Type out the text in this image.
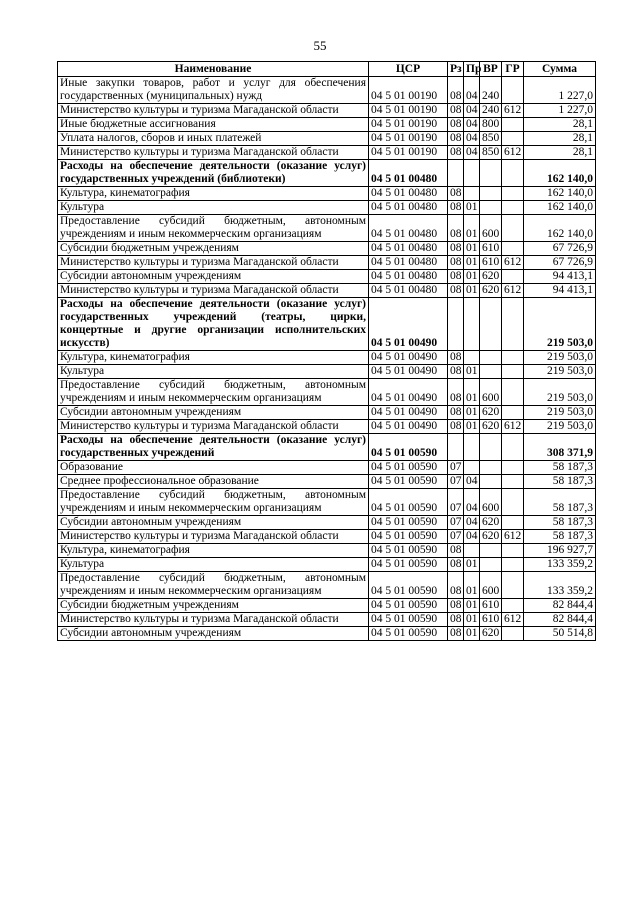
55
Наименование	ЦСР	Рз	Пр	ВР	ГР	Сумма
Иные закупки товаров, работ и услуг для обеспечения государственных (муниципальных) нужд	04 5 01 00190	08	04	240		1 227,0
Министерство культуры и туризма Магаданской области	04 5 01 00190	08	04	240	612	1 227,0
Иные бюджетные ассигнования	04 5 01 00190	08	04	800		28,1
Уплата налогов, сборов и иных платежей	04 5 01 00190	08	04	850		28,1
Министерство культуры и туризма Магаданской области	04 5 01 00190	08	04	850	612	28,1
Расходы на обеспечение деятельности (оказание услуг) государственных учреждений (библиотеки)	04 5 01 00480					162 140,0
Культура, кинематография	04 5 01 00480	08				162 140,0
Культура	04 5 01 00480	08	01			162 140,0
Предоставление субсидий бюджетным, автономным учреждениям и иным некоммерческим организациям	04 5 01 00480	08	01	600		162 140,0
Субсидии бюджетным учреждениям	04 5 01 00480	08	01	610		67 726,9
Министерство культуры и туризма Магаданской области	04 5 01 00480	08	01	610	612	67 726,9
Субсидии автономным учреждениям	04 5 01 00480	08	01	620		94 413,1
Министерство культуры и туризма Магаданской области	04 5 01 00480	08	01	620	612	94 413,1
Расходы на обеспечение деятельности (оказание услуг) государственных учреждений (театры, цирки, концертные и другие организации исполнительских искусств)	04 5 01 00490					219 503,0
Культура, кинематография	04 5 01 00490	08				219 503,0
Культура	04 5 01 00490	08	01			219 503,0
Предоставление субсидий бюджетным, автономным учреждениям и иным некоммерческим организациям	04 5 01 00490	08	01	600		219 503,0
Субсидии автономным учреждениям	04 5 01 00490	08	01	620		219 503,0
Министерство культуры и туризма Магаданской области	04 5 01 00490	08	01	620	612	219 503,0
Расходы на обеспечение деятельности (оказание услуг) государственных учреждений	04 5 01 00590					308 371,9
Образование	04 5 01 00590	07				58 187,3
Среднее профессиональное образование	04 5 01 00590	07	04			58 187,3
Предоставление субсидий бюджетным, автономным учреждениям и иным некоммерческим организациям	04 5 01 00590	07	04	600		58 187,3
Субсидии автономным учреждениям	04 5 01 00590	07	04	620		58 187,3
Министерство культуры и туризма Магаданской области	04 5 01 00590	07	04	620	612	58 187,3
Культура, кинематография	04 5 01 00590	08				196 927,7
Культура	04 5 01 00590	08	01			133 359,2
Предоставление субсидий бюджетным, автономным учреждениям и иным некоммерческим организациям	04 5 01 00590	08	01	600		133 359,2
Субсидии бюджетным учреждениям	04 5 01 00590	08	01	610		82 844,4
Министерство культуры и туризма Магаданской области	04 5 01 00590	08	01	610	612	82 844,4
Субсидии автономным учреждениям	04 5 01 00590	08	01	620		50 514,8
